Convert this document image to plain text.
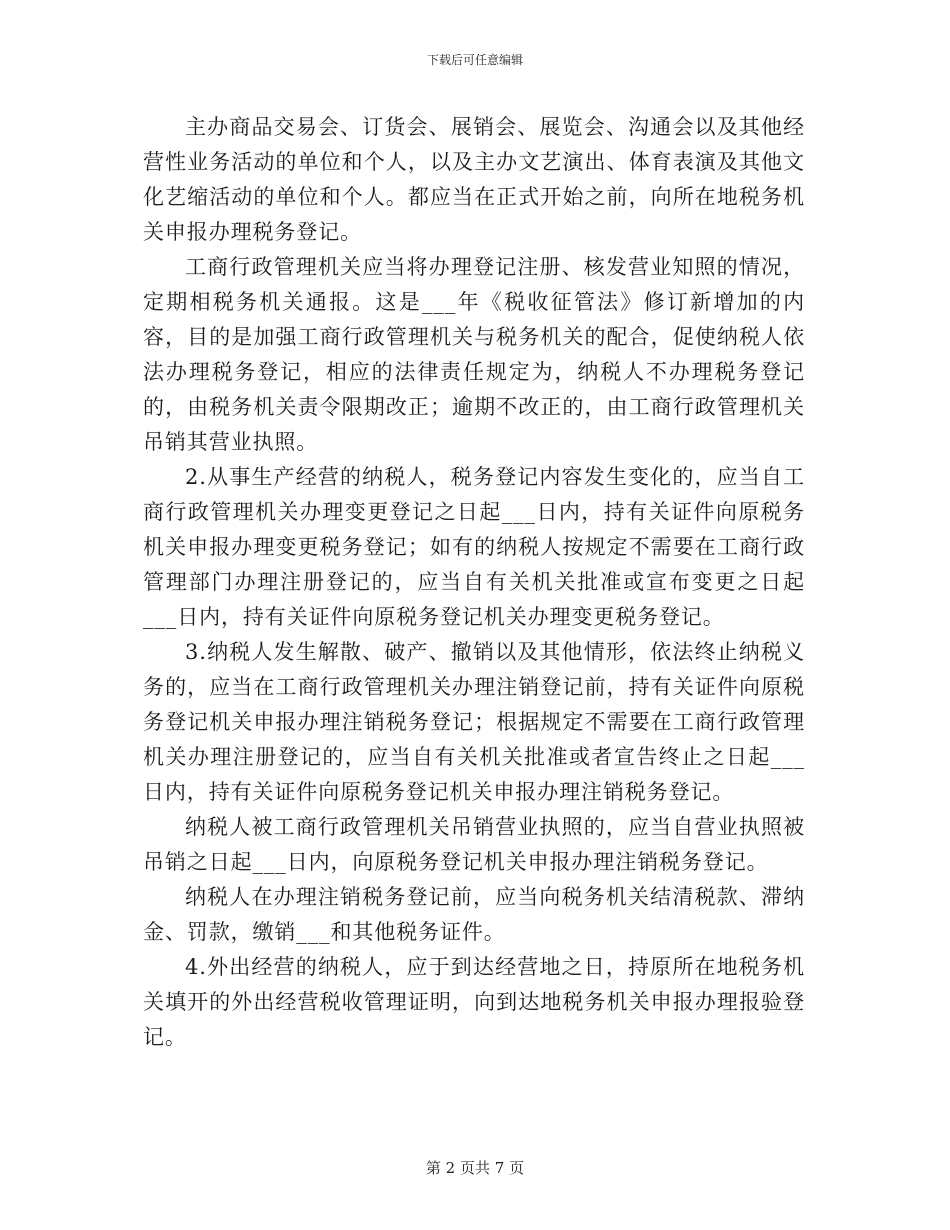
下载后可任意编辑

主办商品交易会、订货会、展销会、展览会、沟通会以及其他经营性业务活动的单位和个人，以及主办文艺演出、体育表演及其他文化艺缩活动的单位和个人。都应当在正式开始之前，向所在地税务机关申报办理税务登记。

工商行政管理机关应当将办理登记注册、核发营业知照的情况，定期相税务机关通报。这是___年《税收征管法》修订新增加的内容，目的是加强工商行政管理机关与税务机关的配合，促使纳税人依法办理税务登记，相应的法律责任规定为，纳税人不办理税务登记的，由税务机关责令限期改正；逾期不改正的，由工商行政管理机关吊销其营业执照。

2.从事生产经营的纳税人，税务登记内容发生变化的，应当自工商行政管理机关办理变更登记之日起___日内，持有关证件向原税务机关申报办理变更税务登记；如有的纳税人按规定不需要在工商行政管理部门办理注册登记的，应当自有关机关批准或宣布变更之日起___日内，持有关证件向原税务登记机关办理变更税务登记。

3.纳税人发生解散、破产、撤销以及其他情形，依法终止纳税义务的，应当在工商行政管理机关办理注销登记前，持有关证件向原税务登记机关申报办理注销税务登记；根据规定不需要在工商行政管理机关办理注册登记的，应当自有关机关批准或者宣告终止之日起___日内，持有关证件向原税务登记机关申报办理注销税务登记。

纳税人被工商行政管理机关吊销营业执照的，应当自营业执照被吊销之日起___日内，向原税务登记机关申报办理注销税务登记。

纳税人在办理注销税务登记前，应当向税务机关结清税款、滞纳金、罚款，缴销___和其他税务证件。

4.外出经营的纳税人，应于到达经营地之日，持原所在地税务机关填开的外出经营税收管理证明，向到达地税务机关申报办理报验登记。

第 2 页共 7 页
